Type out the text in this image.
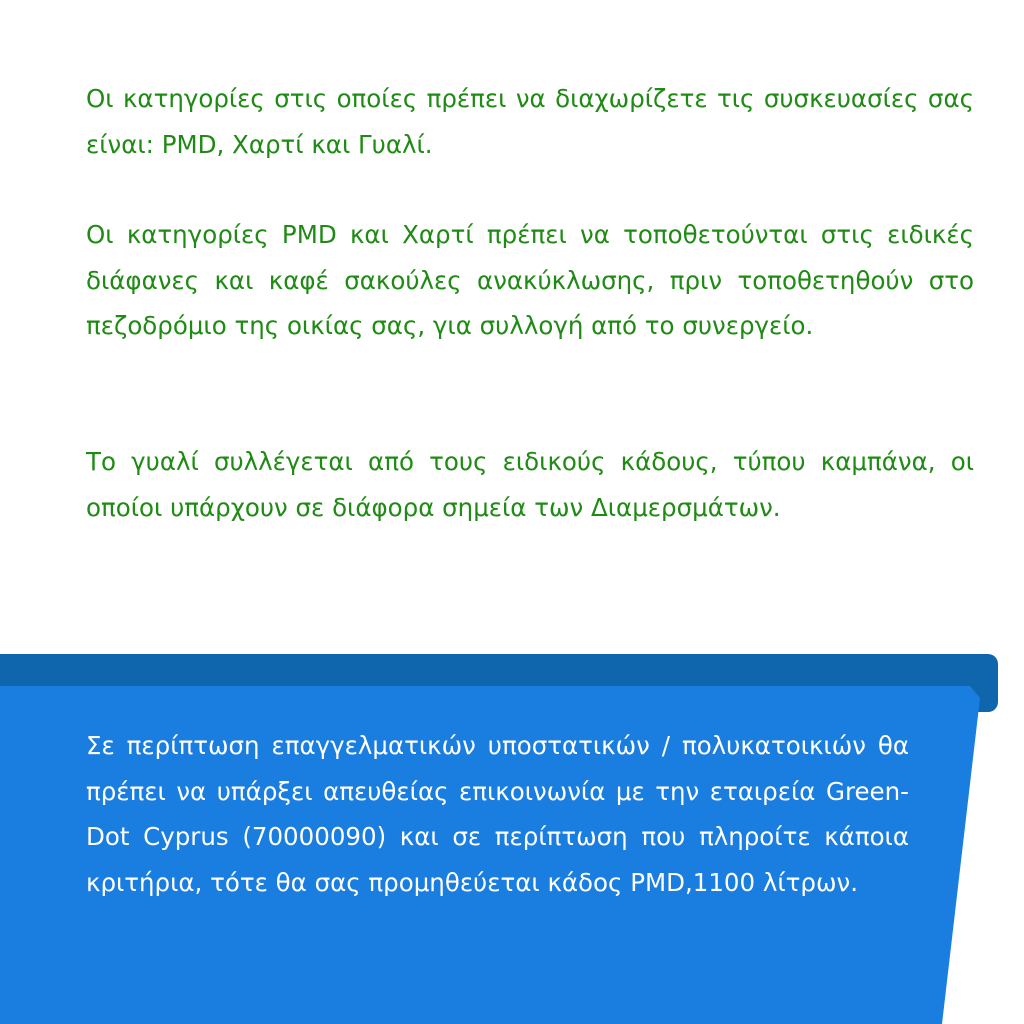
Οι κατηγορίες στις οποίες πρέπει να διαχωρίζετε τις συσκευασίες σας είναι: PMD, Χαρτί και Γυαλί.

Οι κατηγορίες PMD και Χαρτί πρέπει να τοποθετούνται στις ειδικές διάφανες και καφέ σακούλες ανακύκλωσης, πριν τοποθετηθούν στο πεζοδρόμιο της οικίας σας, για συλλογή από το συνεργείο.

Το γυαλί συλλέγεται από τους ειδικούς κάδους, τύπου καμπάνα, οι οποίοι υπάρχουν σε διάφορα σημεία των Διαμερσμάτων.

Σε περίπτωση επαγγελματικών υποστατικών / πολυκατοικιών θα πρέπει να υπάρξει απευθείας επικοινωνία με την εταιρεία Green-Dot Cyprus (70000090) και σε περίπτωση που πληροίτε κάποια κριτήρια, τότε θα σας προμηθεύεται κάδος PMD,1100 λίτρων.
